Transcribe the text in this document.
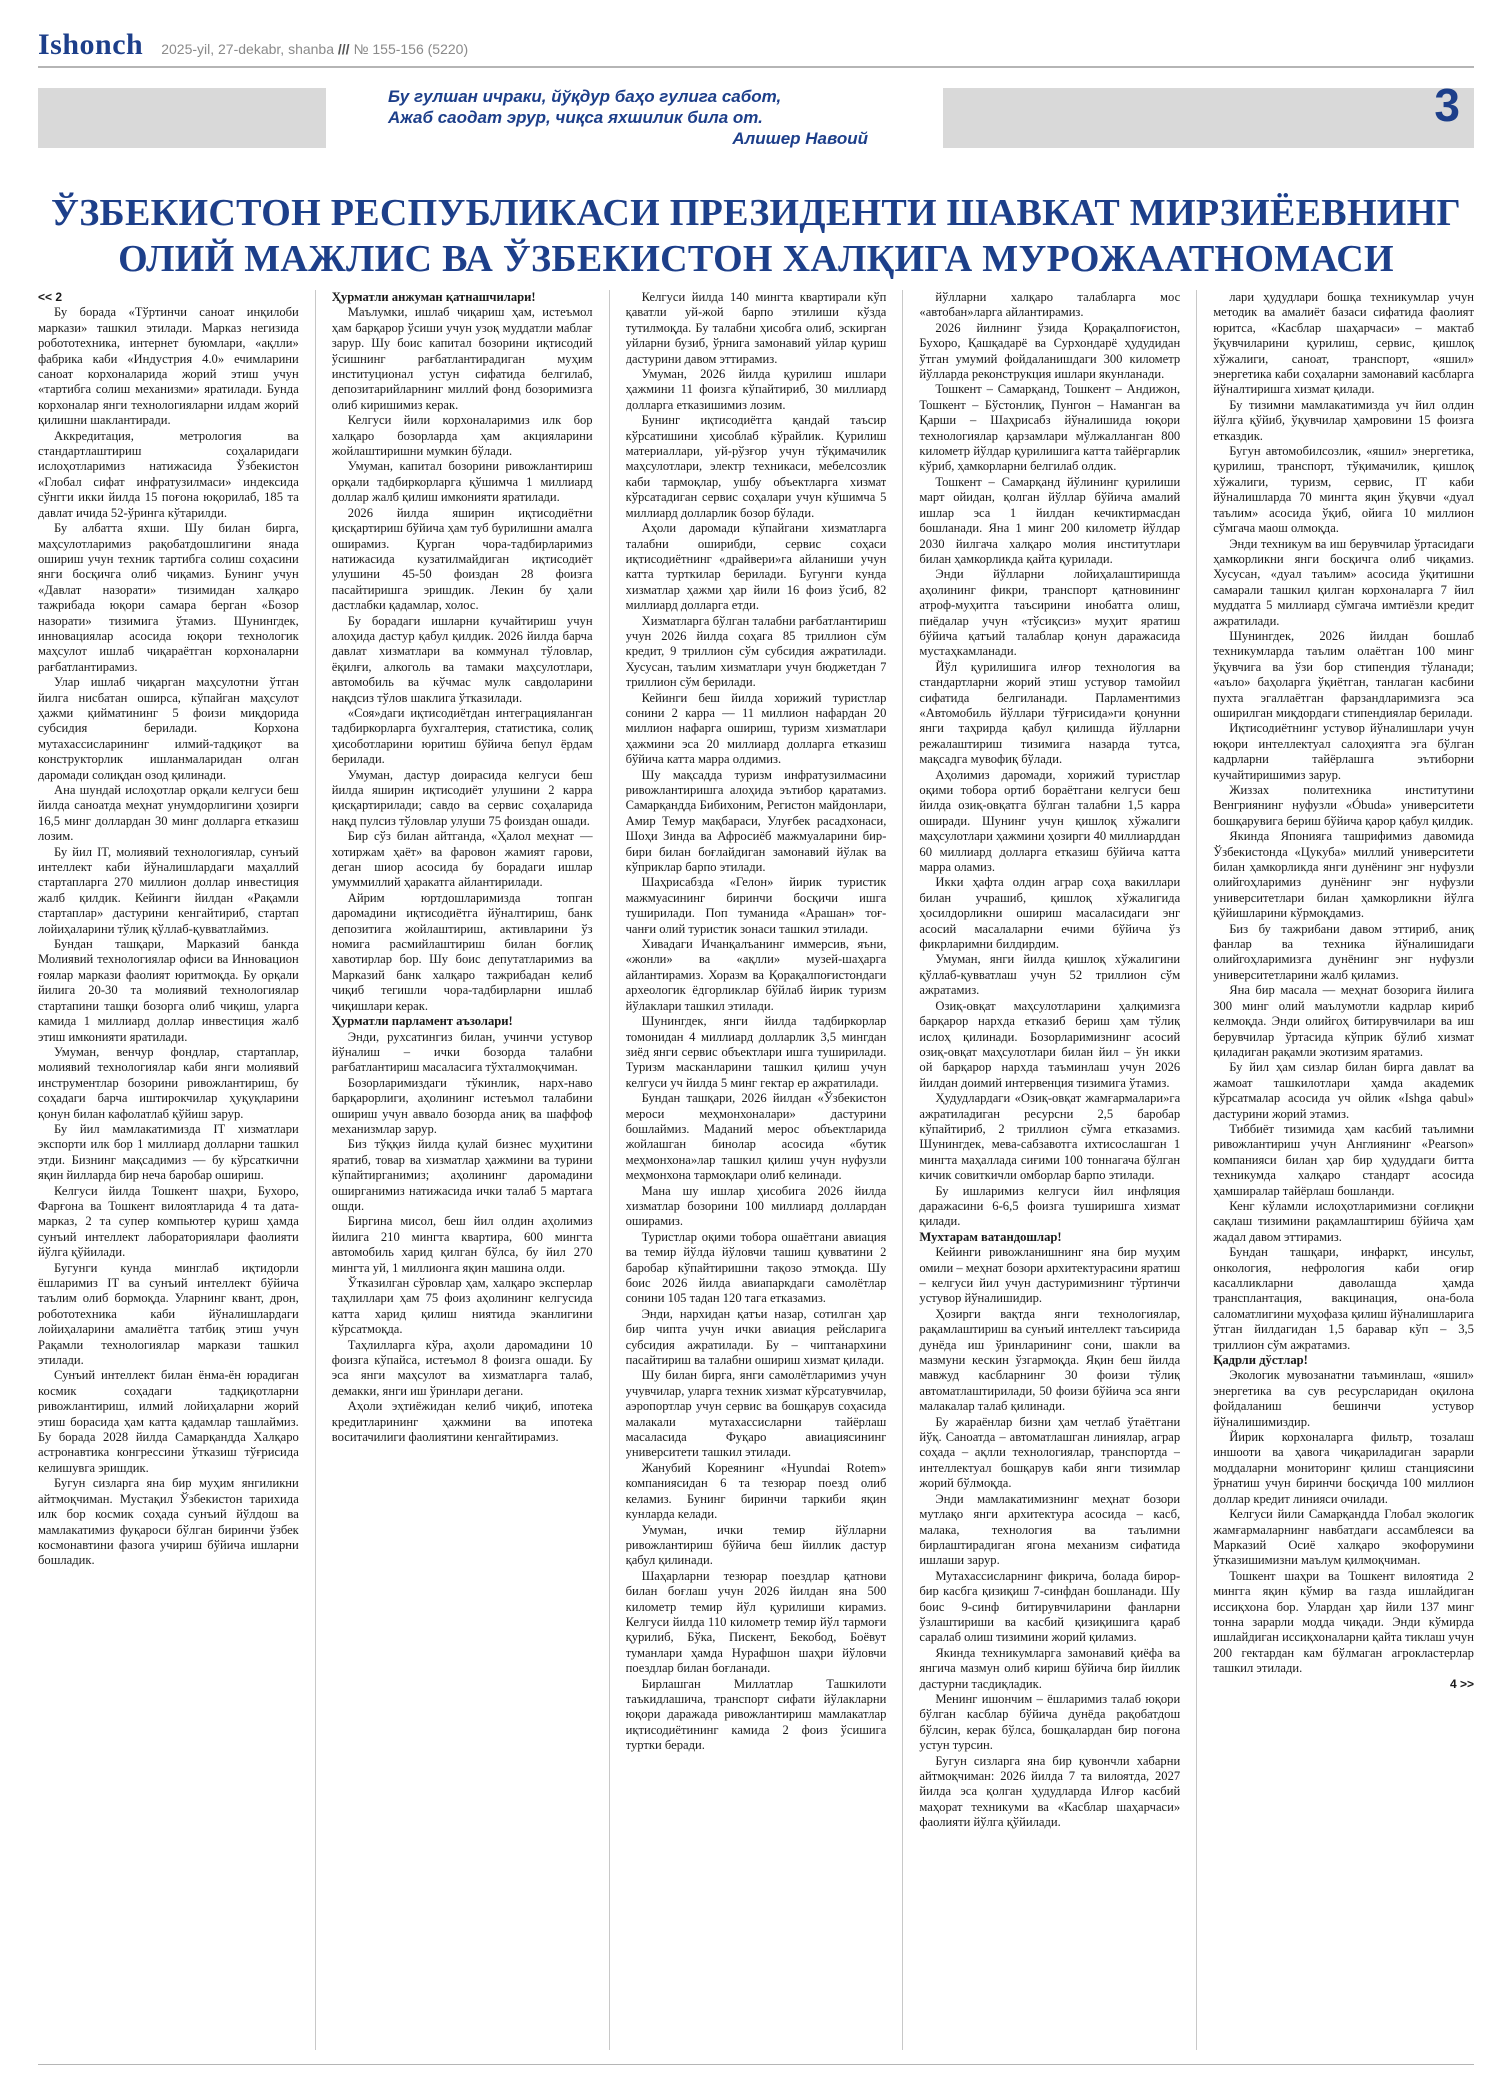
Ishonch 2025-yil, 27-dekabr, shanba /// № 155-156 (5220)
Бу гулшан ичраки, йўқдур баҳо гулига сабот,
Ажаб саодат эрур, чиқса яхшилик била от.

Алишер Навоий
3
ЎЗБЕКИСТОН РЕСПУБЛИКАСИ ПРЕЗИДЕНТИ ШАВКАТ МИРЗИЁЕВНИНГ
ОЛИЙ МАЖЛИС ВА ЎЗБЕКИСТОН ХАЛҚИГА МУРОЖААТНОМАСИ

<< 2

Бу борада «Тўртинчи саноат инқилоби маркази» ташкил этилади. Марказ негизида робототехника, интернет буюмлари, «ақлли» фабрика каби «Индустрия 4.0» ечимларини саноат корхоналарида жорий этиш учун «тартибга солиш механизми» яратилади. Бунда корхоналар янги технологияларни илдам жорий қилишни шаклантиради.

Аккредитация, метрология ва стандартлаштириш соҳаларидаги ислоҳотларимиз натижасида Ўзбекистон «Глобал сифат инфратузилмаси» индексида сўнгги икки йилда 15 поғона юқорилаб, 185 та давлат ичида 52-ўринга кўтарилди.

Бу албатта яхши. Шу билан бирга, маҳсулотларимиз рақобатдошлигини янада ошириш учун техник тартибга солиш соҳасини янги босқичга олиб чиқамиз. Бунинг учун «Давлат назорати» тизимидан халқаро тажрибада юқори самара берган «Бозор назорати» тизимига ўтамиз. Шунингдек, инновациялар асосида юқори технологик маҳсулот ишлаб чиқараётган корхоналарни рағбатлантирамиз.

Улар ишлаб чиқарган маҳсулотни ўтган йилга нисбатан оширса, кўпайган маҳсулот ҳажми қийматининг 5 фоизи миқдорида субсидия берилади. Корхона мутахассисларининг илмий-тадқиқот ва конструкторлик ишланмаларидан олган даромади солиқдан озод қилинади.

Ана шундай ислоҳотлар орқали келгуси беш йилда саноатда меҳнат унумдорлигини ҳозирги 16,5 минг доллардан 30 минг долларга етказиш лозим.

Бу йил IT, молиявий технологиялар, сунъий интеллект каби йўналишлардаги маҳаллий стартапларга 270 миллион доллар инвестиция жалб қилдик. Кейинги йилдан «Рақамли стартаплар» дастурини кенгайтириб, стартап лойиҳаларини тўлиқ қўллаб-қувватлаймиз.

Бундан ташқари, Марказий банкда Молиявий технологиялар офиси ва Инновацион ғоялар маркази фаолият юритмоқда. Бу орқали йилига 20-30 та молиявий технологиялар стартапини ташқи бозорга олиб чиқиш, уларга камида 1 миллиард доллар инвестиция жалб этиш имконияти яратилади.

Умуман, венчур фондлар, стартаплар, молиявий технологиялар каби янги молиявий инструментлар бозорини ривожлантириш, бу соҳадаги барча иштирокчилар ҳуқуқларини қонун билан кафолатлаб қўйиш зарур.

Бу йил мамлакатимизда IT хизматлари экспорти илк бор 1 миллиард долларни ташкил этди. Бизнинг мақсадимиз — бу кўрсаткични яқин йилларда бир неча баробар ошириш.

Келгуси йилда Тошкент шаҳри, Бухоро, Фарғона ва Тошкент вилоятларида 4 та дата-марказ, 2 та супер компьютер қуриш ҳамда сунъий интеллект лабораториялари фаолияти йўлга қўйилади.

Бугунги кунда минглаб иқтидорли ёшларимиз IT ва сунъий интеллект бўйича таълим олиб бормоқда. Уларнинг квант, дрон, робототехника каби йўналишлардаги лойиҳаларини амалиётга татбиқ этиш учун Рақамли технологиялар маркази ташкил этилади.

Сунъий интеллект билан ёнма-ён юрадиган космик соҳадаги тадқиқотларни ривожлантириш, илмий лойиҳаларни жорий этиш борасида ҳам катта қадамлар ташлаймиз. Бу борада 2028 йилда Самарқандда Халқаро астронавтика конгрессини ўтказиш тўғрисида келишувга эришдик.

Бугун сизларга яна бир муҳим янгиликни айтмоқчиман. Мустақил Ўзбекистон тарихида илк бор космик соҳада сунъий йўлдош ва мамлакатимиз фуқароси бўлган биринчи ўзбек космонавтини фазога учириш бўйича ишларни бошладик.

Ҳурматли анжуман қатнашчилари!

Маълумки, ишлаб чиқариш ҳам, истеъмол ҳам барқарор ўсиши учун узоқ муддатли маблағ зарур. Шу боис капитал бозорини иқтисодий ўсишнинг рағбатлантирадиган муҳим институционал устун сифатида белгилаб, депозитарийларнинг миллий фонд бозоримизга олиб киришимиз керак.

Келгуси йили корхоналаримиз илк бор халқаро бозорларда ҳам акцияларини жойлаштиришни мумкин бўлади.

Умуман, капитал бозорини ривожлантириш орқали тадбиркорларга қўшимча 1 миллиард доллар жалб қилиш имконияти яратилади.

2026 йилда яширин иқтисодиётни қисқартириш бўйича ҳам туб бурилишни амалга оширамиз. Қурган чора-тадбирларимиз натижасида кузатилмайдиган иқтисодиёт улушини 45-50 фоиздан 28 фоизга пасайтиришга эришдик. Лекин бу ҳали дастлабки қадамлар, холос.

Бу борадаги ишларни кучайтириш учун алоҳида дастур қабул қилдик. 2026 йилда барча давлат хизматлари ва коммунал тўловлар, ёқилғи, алкоголь ва тамаки маҳсулотлари, автомобиль ва кўчмас мулк савдоларини нақдсиз тўлов шаклига ўтказилади.

«Соя»даги иқтисодиётдан интеграцияланган тадбиркорларга бухгалтерия, статистика, солиқ ҳисоботларини юритиш бўйича бепул ёрдам берилади.

Умуман, дастур доирасида келгуси беш йилда яширин иқтисодиёт улушини 2 карра қисқартирилади; савдо ва сервис соҳаларида нақд пулсиз тўловлар улуши 75 фоиздан ошади.

Бир сўз билан айтганда, «Ҳалол меҳнат — хотиржам ҳаёт» ва фаровон жамият гарови, деган шиор асосида бу борадаги ишлар умуммиллий ҳаракатга айлантирилади.

Айрим юртдошларимизда топган даромадини иқтисодиётга йўналтириш, банк депозитига жойлаштириш, активларини ўз номига расмийлаштириш билан боғлиқ хавотирлар бор. Шу боис депутатларимиз ва Марказий банк халқаро тажрибадан келиб чиқиб тегишли чора-тадбирларни ишлаб чиқишлари керак.

Ҳурматли парламент аъзолари!

Энди, рухсатингиз билан, учинчи устувор йўналиш – ички бозорда талабни рағбатлантириш масаласига тўхталмоқчиман.

Бозорларимиздаги тўкинлик, нарх-наво барқарорлиги, аҳолининг истеъмол талабини ошириш учун аввало бозорда аниқ ва шаффоф механизмлар зарур.

Биз тўққиз йилда қулай бизнес муҳитини яратиб, товар ва хизматлар ҳажмини ва турини кўпайтирганимиз; аҳолининг даромадини оширганимиз натижасида ички талаб 5 мартага ошди.

Биргина мисол, беш йил олдин аҳолимиз йилига 210 мингта квартира, 600 мингта автомобиль харид қилган бўлса, бу йил 270 мингта уй, 1 миллионга яқин машина олди.

Ўтказилган сўровлар ҳам, халқаро эксперлар таҳлиллари ҳам 75 фоиз аҳолининг келгусида катта харид қилиш ниятида эканлигини кўрсатмоқда.

Таҳлилларга кўра, аҳоли даромадини 10 фоизга кўпайса, истеъмол 8 фоизга ошади. Бу эса янги маҳсулот ва хизматларга талаб, демакки, янги иш ўринлари дегани.

Аҳоли эҳтиёжидан келиб чиқиб, ипотека кредитларининг ҳажмини ва ипотека воситачилиги фаолиятини кенгайтирамиз.

Келгуси йилда 140 мингта квартирали кўп қаватли уй-жой барпо этилиши кўзда тутилмоқда. Бу талабни ҳисобга олиб, эскирган уйларни бузиб, ўрнига замонавий уйлар қуриш дастурини давом эттирамиз.

Умуман, 2026 йилда қурилиш ишлари ҳажмини 11 фоизга кўпайтириб, 30 миллиард долларга етказишимиз лозим.

Бунинг иқтисодиётга қандай таъсир кўрсатишини ҳисоблаб кўрайлик. Қурилиш материаллари, уй-рўзғор учун тўқимачилик маҳсулотлари, электр техникаси, мебелсозлик каби тармоқлар, ушбу объектларга хизмат кўрсатадиган сервис соҳалари учун кўшимча 5 миллиард долларлик бозор бўлади.

Аҳоли даромади кўпайгани хизматларга талабни оширибди, сервис соҳаси иқтисодиётнинг «драйвери»га айланиши учун катта турткилар берилади. Бугунги кунда хизматлар ҳажми ҳар йили 16 фоиз ўсиб, 82 миллиард долларга етди.

Хизматларга бўлган талабни рағбатлантириш учун 2026 йилда соҳага 85 триллион сўм кредит, 9 триллион сўм субсидия ажратилади. Хусусан, таълим хизматлари учун бюджетдан 7 триллион сўм берилади.

Кейинги беш йилда хорижий туристлар сонини 2 карра — 11 миллион нафардан 20 миллион нафарга ошириш, туризм хизматлари ҳажмини эса 20 миллиард долларга етказиш бўйича катта марра олдимиз.

Шу мақсадда туризм инфратузилмасини ривожлантиришга алоҳида эътибор қаратамиз. Самарқандда Бибихоним, Регистон майдонлари, Амир Темур мақбараси, Улуғбек расадхонаси, Шоҳи Зинда ва Афросиёб мажмуаларини бир-бири билан боғлайдиган замонавий йўлак ва кўприклар барпо этилади.

Шаҳрисабзда «Гелон» йирик туристик мажмуасининг биринчи босқичи ишга туширилади. Поп туманида «Арашан» тоғ-чанғи олий туристик зонаси ташкил этилади.

Хивадаги Ичанқалъанинг иммерсив, яъни, «жонли» ва «ақлли» музей-шаҳарга айлантирамиз. Хоразм ва Қорақалпоғистондаги археологик ёдгорликлар бўйлаб йирик туризм йўлаклари ташкил этилади.

Шунингдек, янги йилда тадбиркорлар томонидан 4 миллиард долларлик 3,5 мингдан зиёд янги сервис объектлари ишга туширилади. Туризм масканларини ташкил қилиш учун келгуси уч йилда 5 минг гектар ер ажратилади.

Бундан ташқари, 2026 йилдан «Ўзбекистон мероси меҳмонхоналари» дастурини бошлаймиз. Маданий мерос объектларида жойлашган бинолар асосида «бутик меҳмонхона»лар ташкил қилиш учун нуфузли меҳмонхона тармоқлари олиб келинади.

Мана шу ишлар ҳисобига 2026 йилда хизматлар бозорини 100 миллиард доллардан оширамиз.

Туристлар оқими тобора ошаётгани авиация ва темир йўлда йўловчи ташиш қувватини 2 баробар кўпайтиришни тақозо этмоқда. Шу боис 2026 йилда авиапаркдаги самолётлар сонини 105 тадан 120 тага етказамиз.

Энди, нархидан қатъи назар, сотилган ҳар бир чипта учун ички авиация рейсларига субсидия ажратилади. Бу – чиптанархини пасайтириш ва талабни ошириш хизмат қилади.

Шу билан бирга, янги самолётларимиз учун учувчилар, уларга техник хизмат кўрсатувчилар, аэропортлар учун сервис ва бошқарув соҳасида малакали мутахассисларни тайёрлаш масаласида Фуқаро авиациясининг университети ташкил этилади.

Жанубий Кореянинг «Hyundai Rotem» компаниясидан 6 та тезюрар поезд олиб келамиз. Бунинг биринчи таркиби яқин кунларда келади.

Умуман, ички темир йўлларни ривожлантириш бўйича беш йиллик дастур қабул қилинади.

Шаҳарларни тезюрар поездлар қатнови билан боғлаш учун 2026 йилдан яна 500 километр темир йўл қурилиши кирамиз. Келгуси йилда 110 километр темир йўл тармоғи қурилиб, Бўка, Пискент, Бекобод, Боёвут туманлари ҳамда Нурафшон шаҳри йўловчи поездлар билан боғланади.

Бирлашган Миллатлар Ташкилоти таъкидлашича, транспорт сифати йўлакларни юқори даражада ривожлантириш мамлакатлар иқтисодиётининг камида 2 фоиз ўсишига туртки беради.

йўлларни халқаро талабларга мос «автобан»ларга айлантирамиз.

2026 йилнинг ўзида Қорақалпоғистон, Бухоро, Қашқадарё ва Сурхондарё ҳудудидан ўтган умумий фойдаланишдаги 300 километр йўлларда реконструкция ишлари якунланади.

Тошкент – Самарқанд, Тошкент – Андижон, Тошкент – Бўстонлиқ, Пунгон – Наманган ва Қарши – Шаҳрисабз йўналишида юқори технологиялар қарзамлари мўлжалланган 800 километр йўлдар қурилишига катта тайёргарлик кўриб, ҳамкорларни белгилаб олдик.

Тошкент – Самарқанд йўлининг қурилиши март ойидан, қолган йўллар бўйича амалий ишлар эса 1 йилдан кечиктирмасдан бошланади. Яна 1 минг 200 километр йўлдар 2030 йилгача халқаро молия институтлари билан ҳамкорликда қайта қурилади.

Энди йўлларни лойиҳалаштиришда аҳолининг фикри, транспорт қатновининг атроф-муҳитга таъсирини инобатга олиш, пиёдалар учун «тўсиқсиз» муҳит яратиш бўйича қатъий талаблар қонун даражасида мустаҳкамланади.

Йўл қурилишига илғор технология ва стандартларни жорий этиш устувор тамойил сифатида белгиланади. Парламентимиз «Автомобиль йўллари тўғрисида»ги қонунни янги таҳрирда қабул қилишда йўлларни режалаштириш тизимига назарда тутса, мақсадга мувофиқ бўлади.

Аҳолимиз даромади, хорижий туристлар оқими тобора ортиб бораётгани келгуси беш йилда озиқ-овқатга бўлган талабни 1,5 карра оширади. Шунинг учун қишлоқ хўжалиги маҳсулотлари ҳажмини ҳозирги 40 миллиарддан 60 миллиард долларга етказиш бўйича катта марра оламиз.

Икки ҳафта олдин аграр соҳа вакиллари билан учрашиб, қишлоқ хўжалигида ҳосилдорликни ошириш масаласидаги энг асосий масалаларни ечими бўйича ўз фикрларимни билдирдим.

Умуман, янги йилда қишлоқ хўжалигини қўллаб-қувватлаш учун 52 триллион сўм ажратамиз.

Озиқ-овқат маҳсулотларини ҳалқимизга барқарор нархда етказиб бериш ҳам тўлиқ ислоҳ қилинади. Бозорларимизнинг асосий озиқ-овқат маҳсулотлари билан йил – ўн икки ой барқарор нархда таъминлаш учун 2026 йилдан доимий интервенция тизимига ўтамиз.

Ҳудудлардаги «Озиқ-овқат жамғармалари»га ажратиладиган ресурсни 2,5 баробар кўпайтириб, 2 триллион сўмга етказамиз. Шунингдек, мева-сабзавотга ихтисослашган 1 мингта маҳаллада сиғими 100 тоннагача бўлган кичик совиткичли омборлар барпо этилади.

Бу ишларимиз келгуси йил инфляция даражасини 6-6,5 фоизга туширишга хизмат қилади.

Мухтарам ватандошлар!

Кейинги ривожланишнинг яна бир муҳим омили – меҳнат бозори архитектурасини яратиш – келгуси йил учун дастуримизнинг тўртинчи устувор йўналишидир.

Ҳозирги вақтда янги технологиялар, рақамлаштириш ва сунъий интеллект таъсирида дунёда иш ўринларининг сони, шакли ва мазмуни кескин ўзгармоқда. Яқин беш йилда мавжуд касбларнинг 30 фоизи тўлиқ автоматлаштирилади, 50 фоизи бўйича эса янги малакалар талаб қилинади.

Бу жараёнлар бизни ҳам четлаб ўтаётгани йўқ. Саноатда – автоматлашган линиялар, аграр соҳада – ақлли технологиялар, транспортда – интеллектуал бошқарув каби янги тизимлар жорий бўлмоқда.

Энди мамлакатимизнинг меҳнат бозори мутлақо янги архитектура асосида – касб, малака, технология ва таълимни бирлаштирадиган ягона механизм сифатида ишлаши зарур.

Мутахассисларнинг фикрича, болада бирор-бир касбга қизиқиш 7-синфдан бошланади. Шу боис 9-синф битирувчиларини фанларни ўзлаштириши ва касбий қизиқишига қараб саралаб олиш тизимини жорий қиламиз.

Якинда техникумларга замонавий қиёфа ва янгича мазмун олиб кириш бўйича бир йиллик дастурни тасдиқладик.

Менинг ишончим – ёшларимиз талаб юқори бўлган касблар бўйича дунёда рақобатдош бўлсин, керак бўлса, бошқалардан бир поғона устун турсин.

Бугун сизларга яна бир қувончли хабарни айтмоқчиман: 2026 йилда 7 та вилоятда, 2027 йилда эса қолган ҳудудларда Илғор касбий маҳорат техникуми ва «Касблар шаҳарчаси» фаолияти йўлга қўйилади.

лари ҳудудлари бошқа техникумлар учун методик ва амалиёт базаси сифатида фаолият юритса, «Касблар шаҳарчаси» – мактаб ўқувчиларини қурилиш, сервис, қишлоқ хўжалиги, саноат, транспорт, «яшил» энергетика каби соҳаларни замонавий касбларга йўналтиришга хизмат қилади.

Бу тизимни мамлакатимизда уч йил олдин йўлга қўйиб, ўқувчилар ҳамровини 15 фоизга етказдик.

Бугун автомобилсозлик, «яшил» энергетика, қурилиш, транспорт, тўқимачилик, қишлоқ хўжалиги, туризм, сервис, IT каби йўналишларда 70 мингта яқин ўқувчи «дуал таълим» асосида ўқиб, ойига 10 миллион сўмгача маош олмоқда.

Энди техникум ва иш берувчилар ўртасидаги ҳамкорликни янги босқичга олиб чиқамиз. Хусусан, «дуал таълим» асосида ўқитишни самарали ташкил қилган корхоналарга 7 йил муддатга 5 миллиард сўмгача имтиёзли кредит ажратилади.

Шунингдек, 2026 йилдан бошлаб техникумларда таълим олаётган 100 минг ўқувчига ва ўзи бор стипендия тўланади; «аъло» баҳоларга ўқиётган, танлаган касбини пухта эгаллаётган фарзандларимизга эса оширилган миқдордаги стипендиялар берилади.

Иқтисодиётнинг устувор йўналишлари учун юқори интеллектуал салоҳиятга эга бўлган кадрларни тайёрлашга эътиборни кучайтиришимиз зарур.

Жиззах политехника институтини Венгриянинг нуфузли «Óbuda» университети бошқарувига бериш бўйича қарор қабул қилдик.

Якинда Японияга ташрифимиз давомида Ўзбекистонда «Цукуба» миллий университети билан ҳамкорликда янги дунёнинг энг нуфузли олийгоҳларимиз дунёнинг энг нуфузли университетлари билан ҳамкорликни йўлга қўйишларини кўрмоқдамиз.

Биз бу тажрибани давом эттириб, аниқ фанлар ва техника йўналишидаги олийгоҳларимизга дунёнинг энг нуфузли университетларини жалб қиламиз.

Яна бир масала — меҳнат бозорига йилига 300 минг олий маълумотли кадрлар кириб келмоқда. Энди олийгоҳ битирувчилари ва иш берувчилар ўртасида кўприк бўлиб хизмат қиладиган рақамли экотизим яратамиз.

Бу йил ҳам сизлар билан бирга давлат ва жамоат ташкилотлари ҳамда академик кўрсатмалар асосида уч ойлик «Ishga qabul» дастурини жорий этамиз.

Тиббиёт тизимида ҳам касбий таълимни ривожлантириш учун Англиянинг «Pearson» компанияси билан ҳар бир ҳудуддаги битта техникумда халқаро стандарт асосида ҳамширалар тайёрлаш бошланди.

Кенг кўламли ислоҳотларимизни соғлиқни сақлаш тизимини рақамлаштириш бўйича ҳам жадал давом эттирамиз.

Бундан ташқари, инфаркт, инсульт, онкология, нефрология каби оғир касалликларни даволашда ҳамда трансплантация, вакцинация, она-бола саломатлигини муҳофаза қилиш йўналишларига ўтган йилдагидан 1,5 баравар кўп – 3,5 триллион сўм ажратамиз.

Қадрли дўстлар!

Экологик мувозанатни таъминлаш, «яшил» энергетика ва сув ресурсларидан оқилона фойдаланиш бешинчи устувор йўналишимиздир.

Йирик корхоналарга фильтр, тозалаш иншооти ва ҳавога чиқариладиган зарарли моддаларни мониторинг қилиш станциясини ўрнатиш учун биринчи босқичда 100 миллион доллар кредит линияси очилади.

Келгуси йили Самарқандда Глобал экологик жамғармаларнинг навбатдаги ассамблеяси ва Марказий Осиё халқаро экофорумини ўтказишимизни маълум қилмоқчиман.

Тошкент шаҳри ва Тошкент вилоятида 2 мингга яқин кўмир ва газда ишлайдиган иссиқхона бор. Улардан ҳар йили 137 минг тонна зарарли модда чиқади. Энди кўмирда ишлайдиган иссиқхоналарни қайта тиклаш учун 200 гектардан кам бўлмаган агрокластерлар ташкил этилади.

4 >>
